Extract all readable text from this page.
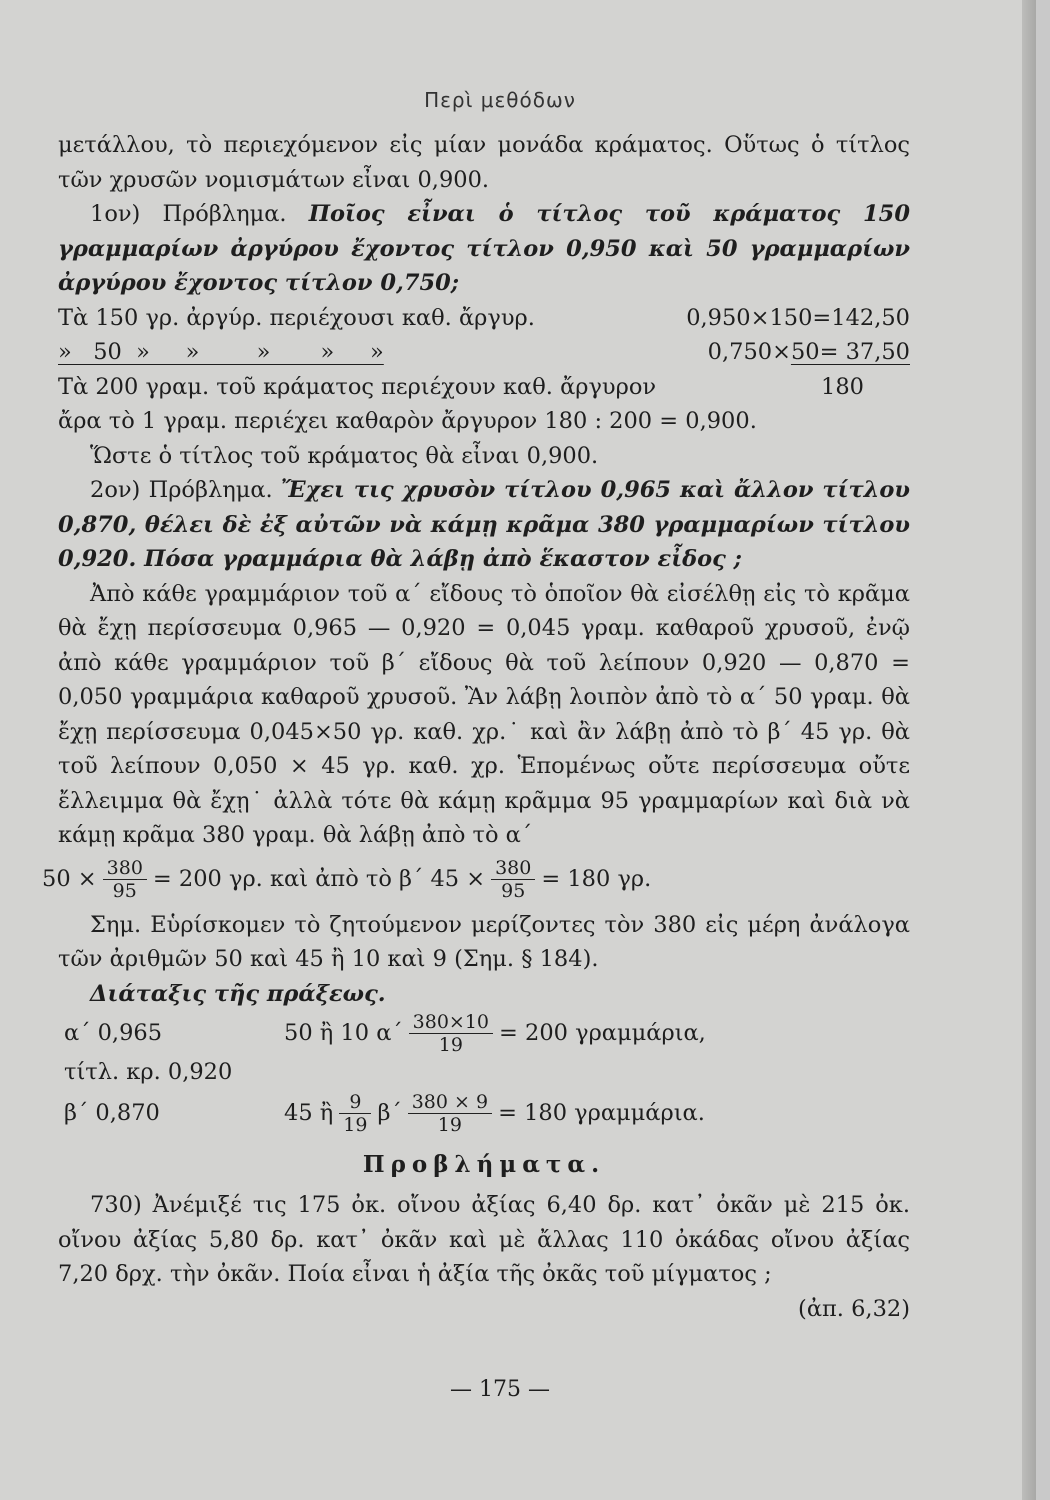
Περὶ μεθόδων
μετάλλου, τὸ περιεχόμενον εἰς μίαν μονάδα κράματος. Οὕτως ὁ τίτλος τῶν χρυσῶν νομισμάτων εἶναι 0,900.
1ον) Πρόβλημα. Ποῖος εἶναι ὁ τίτλος τοῦ κράματος 150 γραμμαρίων ἀργύρου ἔχοντος τίτλον 0,950 καὶ 50 γραμμαρίων ἀργύρου ἔχοντος τίτλον 0,750;
Τὰ 150 γρ. ἀργύρ. περιέχουσι καθ. ἄργυρ.	0,950×150=142,50
»   50  »     »        »       »     »	0,750×50= 37,50
Τὰ 200 γραμ. τοῦ κράματος περιέχουν καθ. ἄργυρον	180
ἄρα τὸ 1 γραμ. περιέχει καθαρὸν ἄργυρον 180 : 200 = 0,900.
Ὥστε ὁ τίτλος τοῦ κράματος θὰ εἶναι 0,900.
2ον) Πρόβλημα. Ἔχει τις χρυσὸν τίτλου 0,965 καὶ ἄλλον τίτλου 0,870, θέλει δὲ ἐξ αὐτῶν νὰ κάμῃ κρᾶμα 380 γραμμαρίων τίτλου 0,920. Πόσα γραμμάρια θὰ λάβῃ ἀπὸ ἕκαστον εἶδος ;
Ἀπὸ κάθε γραμμάριον τοῦ α΄ εἴδους τὸ ὁποῖον θὰ εἰσέλθῃ εἰς τὸ κρᾶμα θὰ ἔχῃ περίσσευμα 0,965 — 0,920 = 0,045 γραμ. καθαροῦ χρυσοῦ, ἐνῷ ἀπὸ κάθε γραμμάριον τοῦ β΄ εἴδους θὰ τοῦ λείπουν 0,920 — 0,870 = 0,050 γραμμάρια καθαροῦ χρυσοῦ. Ἂν λάβῃ λοιπὸν ἀπὸ τὸ α΄ 50 γραμ. θὰ ἔχῃ περίσσευμα 0,045×50 γρ. καθ. χρ.˙ καὶ ἂν λάβῃ ἀπὸ τὸ β΄ 45 γρ. θὰ τοῦ λείπουν 0,050 × 45 γρ. καθ. χρ. Ἑπομένως οὔτε περίσσευμα οὔτε ἔλλειμμα θὰ ἔχῃ˙ ἀλλὰ τότε θὰ κάμῃ κρᾶμμα 95 γραμμαρίων καὶ διὰ νὰ κάμῃ κρᾶμα 380 γραμ. θὰ λάβῃ ἀπὸ τὸ α΄
$50 \times \frac{380}{95} = 200$ γρ. καὶ ἀπὸ τὸ β΄ $45 \times \frac{380}{95} = 180$ γρ.
Σημ. Εὑρίσκομεν τὸ ζητούμενον μερίζοντες τὸν 380 εἰς μέρη ἀνάλογα τῶν ἀριθμῶν 50 καὶ 45 ἢ 10 καὶ 9 (Σημ. § 184).
Διάταξις τῆς πράξεως.
α΄ 0,965	50 ἢ 10 $\alpha΄ \frac{380\times 10}{19} = 200$ γραμμάρια,
τίτλ. κρ. 0,920
β΄ 0,870	45 ἢ $\frac{9}{19} \beta΄ \frac{380 \times 9}{19} = 180$ γραμμάρια.
Προβλήματα.
730) Ἀνέμιξέ τις 175 ὀκ. οἴνου ἀξίας 6,40 δρ. κατ᾽ ὀκᾶν μὲ 215 ὀκ. οἴνου ἀξίας 5,80 δρ. κατ᾽ ὀκᾶν καὶ μὲ ἄλλας 110 ὀκάδας οἴνου ἀξίας 7,20 δρχ. τὴν ὀκᾶν. Ποία εἶναι ἡ ἀξία τῆς ὀκᾶς τοῦ μίγματος ;
(ἀπ. 6,32)
— 175 —
